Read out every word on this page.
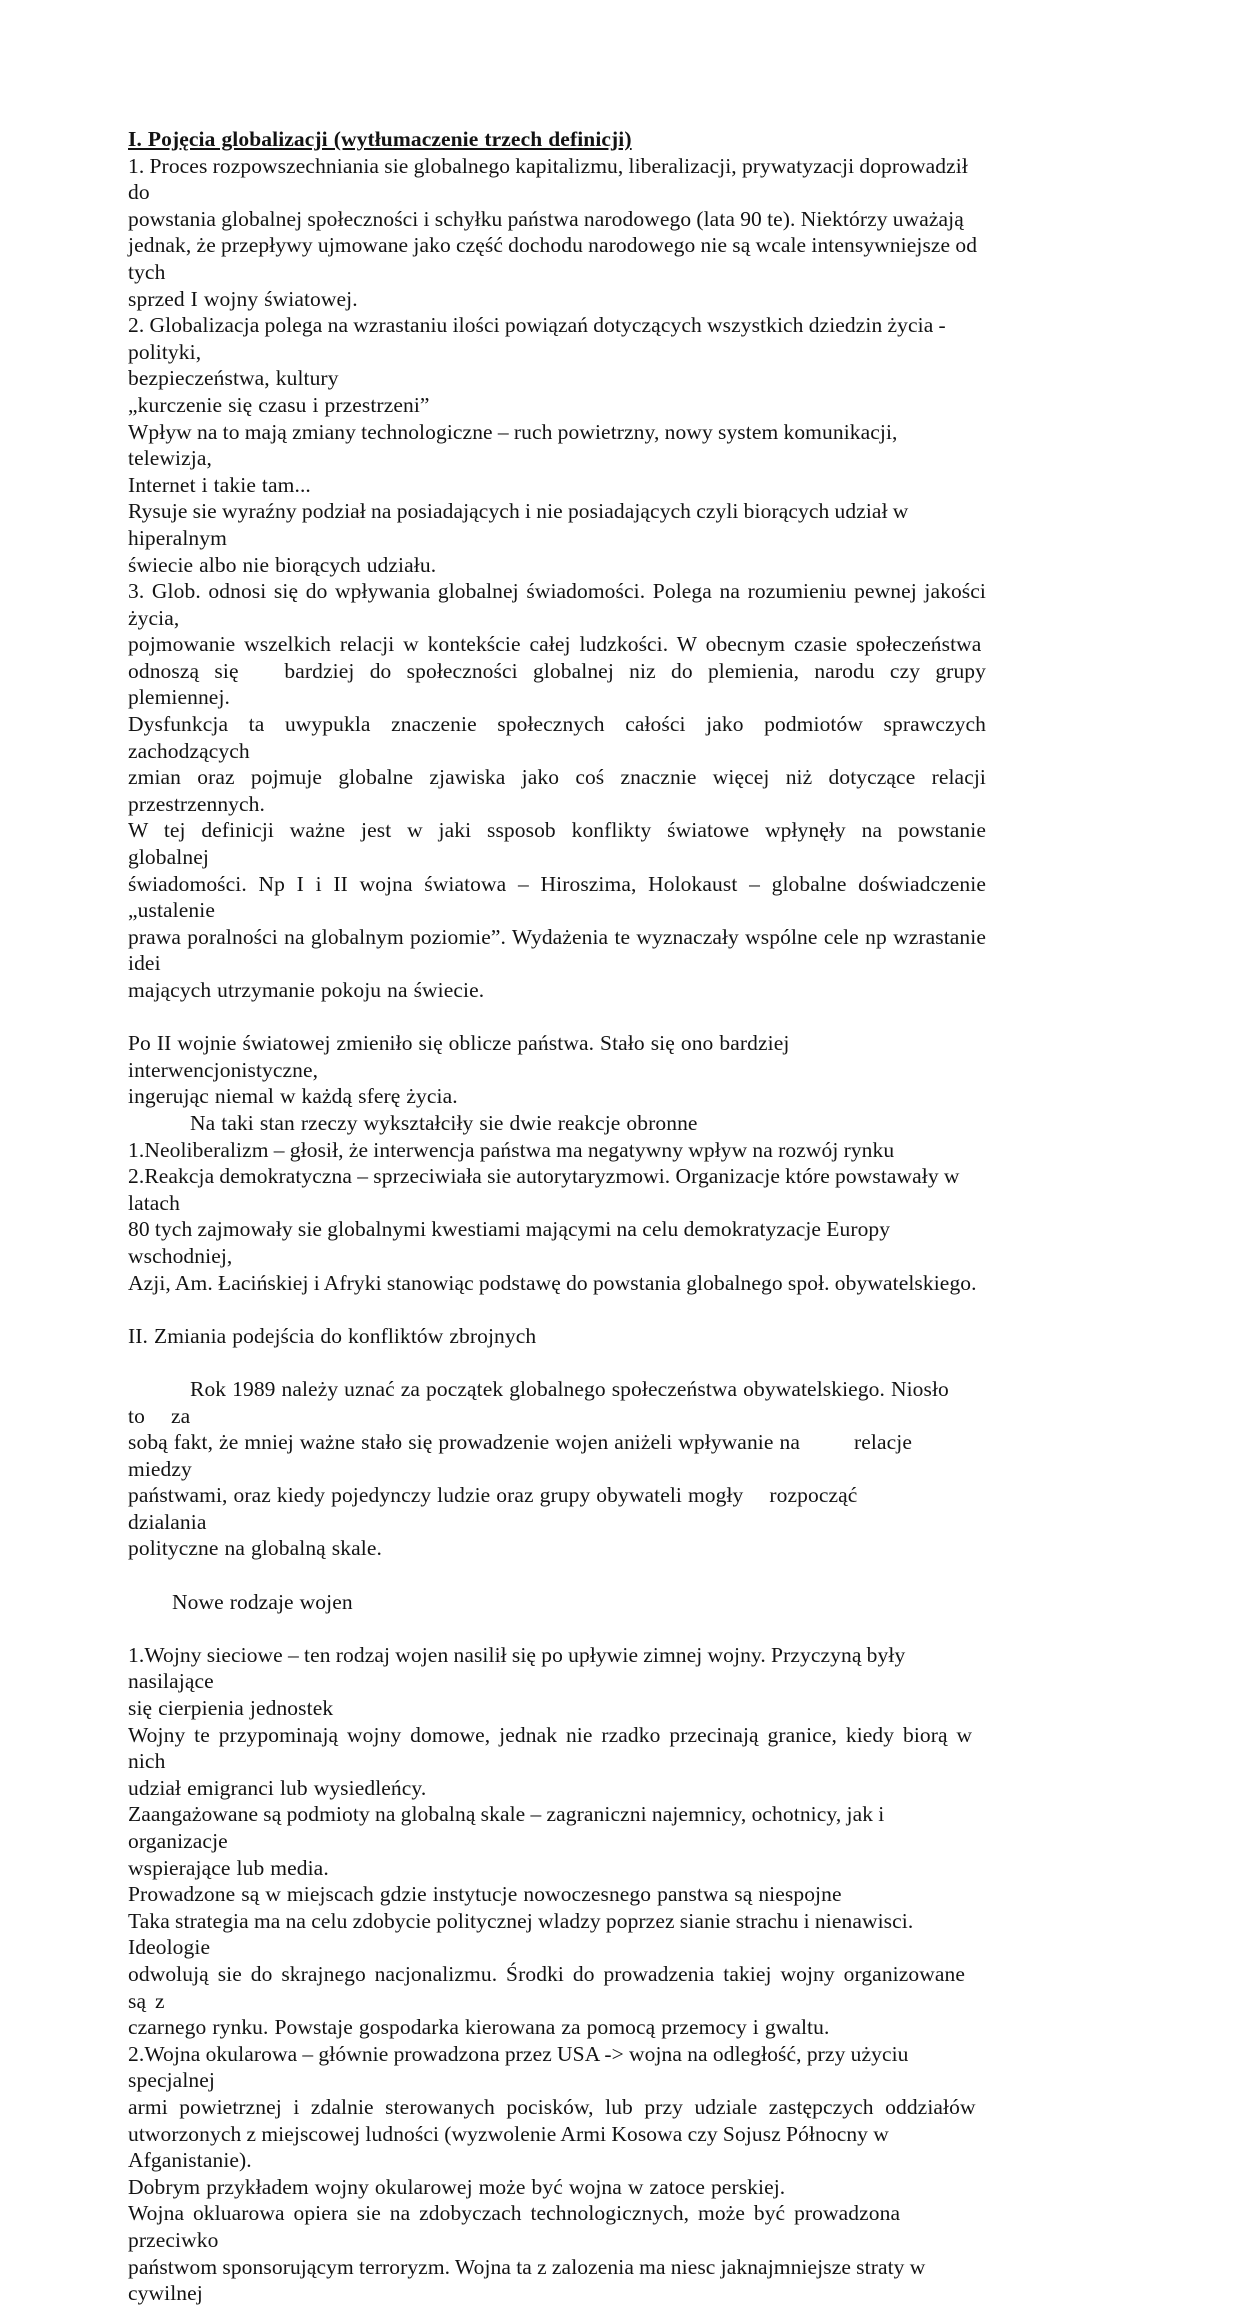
I. Pojęcia globalizacji (wytłumaczenie trzech definicji)
1. Proces rozpowszechniania sie globalnego kapitalizmu, liberalizacji, prywatyzacji doprowadził do
powstania globalnej społeczności i schyłku państwa narodowego (lata 90 te). Niektórzy uważają
jednak, że przepływy ujmowane jako część dochodu narodowego nie są wcale intensywniejsze od tych
sprzed I wojny światowej.
2. Globalizacja polega na wzrastaniu ilości powiązań dotyczących wszystkich dziedzin życia -polityki,
bezpieczeństwa, kultury
„kurczenie się czasu i przestrzeni”
Wpływ na to mają zmiany technologiczne – ruch powietrzny, nowy system komunikacji, telewizja,
Internet i takie tam...
Rysuje sie wyraźny podział na posiadających i nie posiadających czyli biorących udział w hiperalnym
świecie albo nie biorących udziału.
3. Glob. odnosi się do wpływania globalnej świadomości. Polega na rozumieniu pewnej jakości życia,
pojmowanie wszelkich relacji w kontekście całej ludzkości. W obecnym czasie społeczeństwa
odnoszą się   bardziej do społeczności globalnej niz do plemienia, narodu czy grupy plemiennej.
Dysfunkcja ta uwypukla znaczenie społecznych całości jako podmiotów sprawczych zachodzących
zmian oraz pojmuje globalne zjawiska jako coś znacznie więcej niż dotyczące relacji przestrzennych.
W tej definicji ważne jest w jaki ssposob konflikty światowe wpłynęły na powstanie globalnej
świadomości. Np I i II wojna światowa – Hiroszima, Holokaust – globalne doświadczenie „ustalenie
prawa poralności na globalnym poziomie”. Wydażenia te wyznaczały wspólne cele np wzrastanie idei
mających utrzymanie pokoju na świecie.
Po II wojnie światowej zmieniło się oblicze państwa. Stało się ono bardziejinterwencjonistyczne,
ingerując niemal w każdą sferę życia.
Na taki stan rzeczy wykształciły sie dwie reakcje obronne
1.Neoliberalizm – głosił, że interwencja państwa ma negatywny wpływ na rozwój rynku
2.Reakcja demokratyczna – sprzeciwiała sie autorytaryzmowi. Organizacje które powstawały w latach
80 tych zajmowały sie globalnymi kwestiami mającymi na celu demokratyzacje Europy wschodniej,
Azji, Am. Łacińskiej i Afryki stanowiąc podstawę do powstania globalnego społ. obywatelskiego.
II. Zmiania podejścia do konfliktów zbrojnych
Rok 1989 należy uznać za początek globalnego społeczeństwa obywatelskiego. Niosłoto za
sobą fakt, że mniej ważne stało się prowadzenie wojen aniżeli wpływanie na	relacjemiedzy
państwami, oraz kiedy pojedynczy ludzie oraz grupy obywateli mogły rozpocząćdzialania
polityczne na globalną skale.
Nowe rodzaje wojen
1.Wojny sieciowe – ten rodzaj wojen nasilił się po upływie zimnej wojny. Przyczyną były nasilające
się cierpienia jednostek
Wojny te przypominają wojny domowe, jednak nie rzadko przecinają granice, kiedy biorą w nich
udział emigranci lub wysiedleńcy.
Zaangażowane są podmioty na globalną skale – zagraniczni najemnicy, ochotnicy, jak i organizacje
wspierające lub media.
Prowadzone są w miejscach gdzie instytucje nowoczesnego panstwa są niespojne
Taka strategia ma na celu zdobycie politycznej wladzy poprzez sianie strachu i nienawisci. Ideologie
odwolują sie do skrajnego nacjonalizmu. Środki do prowadzenia takiej wojny organizowane są z
czarnego rynku. Powstaje gospodarka kierowana za pomocą przemocy i gwaltu.
2.Wojna okularowa – głównie prowadzona przez USA -> wojna na odległość, przy użyciu specjalnej
armi powietrznej i zdalnie sterowanych pocisków, lub przy udziale zastępczych oddziałów
utworzonych z miejscowej ludności (wyzwolenie Armi Kosowa czy Sojusz Północny w Afganistanie).
Dobrym przykładem wojny okularowej może być wojna w zatoce perskiej.
Wojna okluarowa opiera sie na zdobyczach technologicznych, może być prowadzona przeciwko
państwom sponsorującym terroryzm. Wojna ta z zalozenia ma niesc jaknajmniejsze straty w cywilnej
